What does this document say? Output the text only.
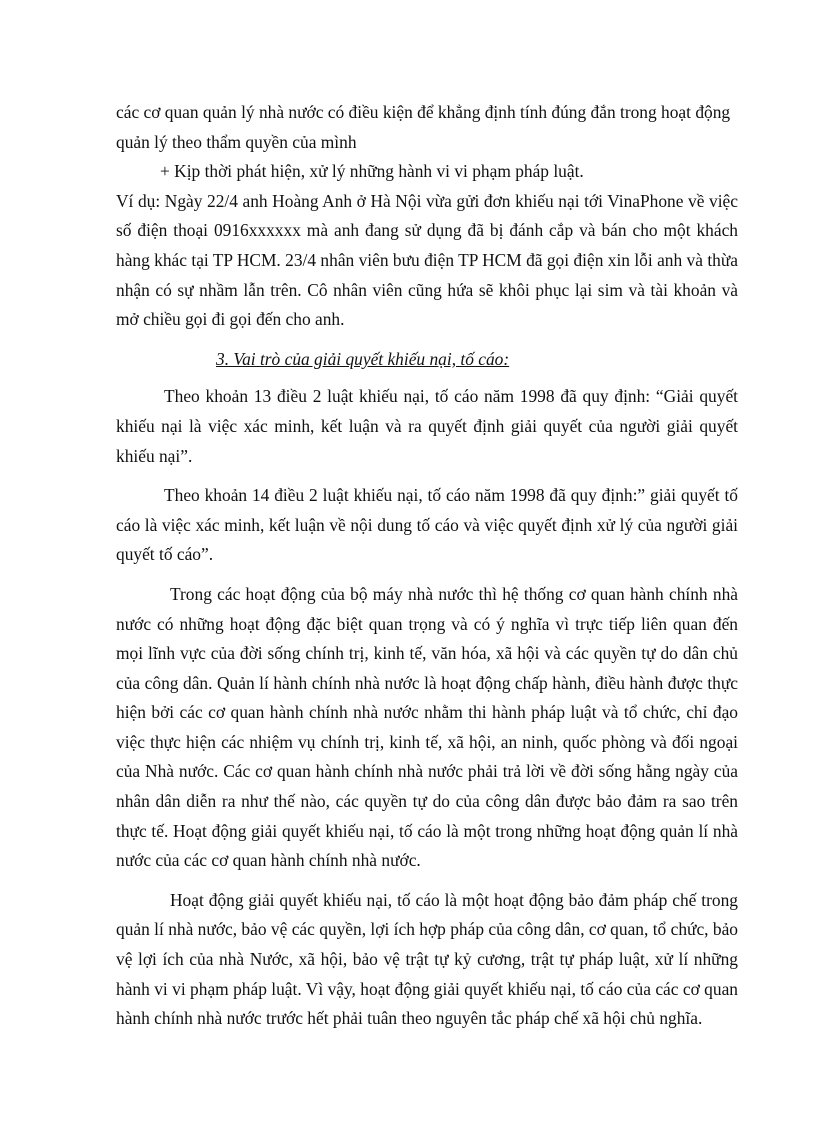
các cơ quan quản lý nhà nước có điều kiện để khẳng định tính đúng đắn trong hoạt động quản lý theo thẩm quyền của mình

+ Kịp thời phát hiện, xử lý những hành vi vi phạm pháp luật.

Ví dụ: Ngày 22/4 anh Hoàng Anh ở Hà Nội vừa gửi đơn khiếu nại tới VinaPhone về việc số điện thoại 0916xxxxxx mà anh đang sử dụng đã bị đánh cắp và bán cho một khách hàng khác tại TP HCM. 23/4 nhân viên bưu điện TP HCM đã gọi điện xin lỗi anh và thừa nhận có sự nhầm lẫn trên. Cô nhân viên cũng hứa sẽ khôi phục lại sim và tài khoản và mở chiều gọi đi gọi đến cho anh.

3. Vai trò của giải quyết khiếu nại, tố cáo:

Theo khoản 13 điều 2 luật khiếu nại, tố cáo năm 1998 đã quy định: “Giải quyết khiếu nại là việc xác minh, kết luận và ra quyết định giải quyết của người giải quyết khiếu nại”.

Theo khoản 14 điều 2 luật khiếu nại, tố cáo năm 1998 đã quy định:” giải quyết tố cáo là việc xác minh, kết luận về nội dung tố cáo và việc quyết định xử lý của người giải quyết tố cáo”.

Trong các hoạt động của bộ máy nhà nước thì hệ thống cơ quan hành chính nhà nước có những hoạt động đặc biệt quan trọng và có ý nghĩa vì trực tiếp liên quan đến mọi lĩnh vực của đời sống chính trị, kinh tế, văn hóa, xã hội và các quyền tự do dân chủ của công dân. Quản lí hành chính nhà nước là hoạt động chấp hành, điều hành được thực hiện bởi các cơ quan hành chính nhà nước nhằm thi hành pháp luật và tổ chức, chỉ đạo việc thực hiện các nhiệm vụ chính trị, kinh tế, xã hội, an ninh, quốc phòng và đối ngoại của Nhà nước. Các cơ quan hành chính nhà nước phải trả lời về đời sống hằng ngày của nhân dân diễn ra như thế nào, các quyền tự do của công dân được bảo đảm ra sao trên thực tế. Hoạt động giải quyết khiếu nại, tố cáo là một trong những hoạt động quản lí nhà nước của các cơ quan hành chính nhà nước.

Hoạt động giải quyết khiếu nại, tố cáo là một hoạt động bảo đảm pháp chế trong quản lí nhà nước, bảo vệ các quyền, lợi ích hợp pháp của công dân, cơ quan, tổ chức, bảo vệ lợi ích của nhà Nước, xã hội, bảo vệ trật tự kỷ cương, trật tự pháp luật, xử lí những hành vi vi phạm pháp luật. Vì vậy, hoạt động giải quyết khiếu nại, tố cáo của các cơ quan hành chính nhà nước trước hết phải tuân theo nguyên tắc pháp chế xã hội chủ nghĩa.
